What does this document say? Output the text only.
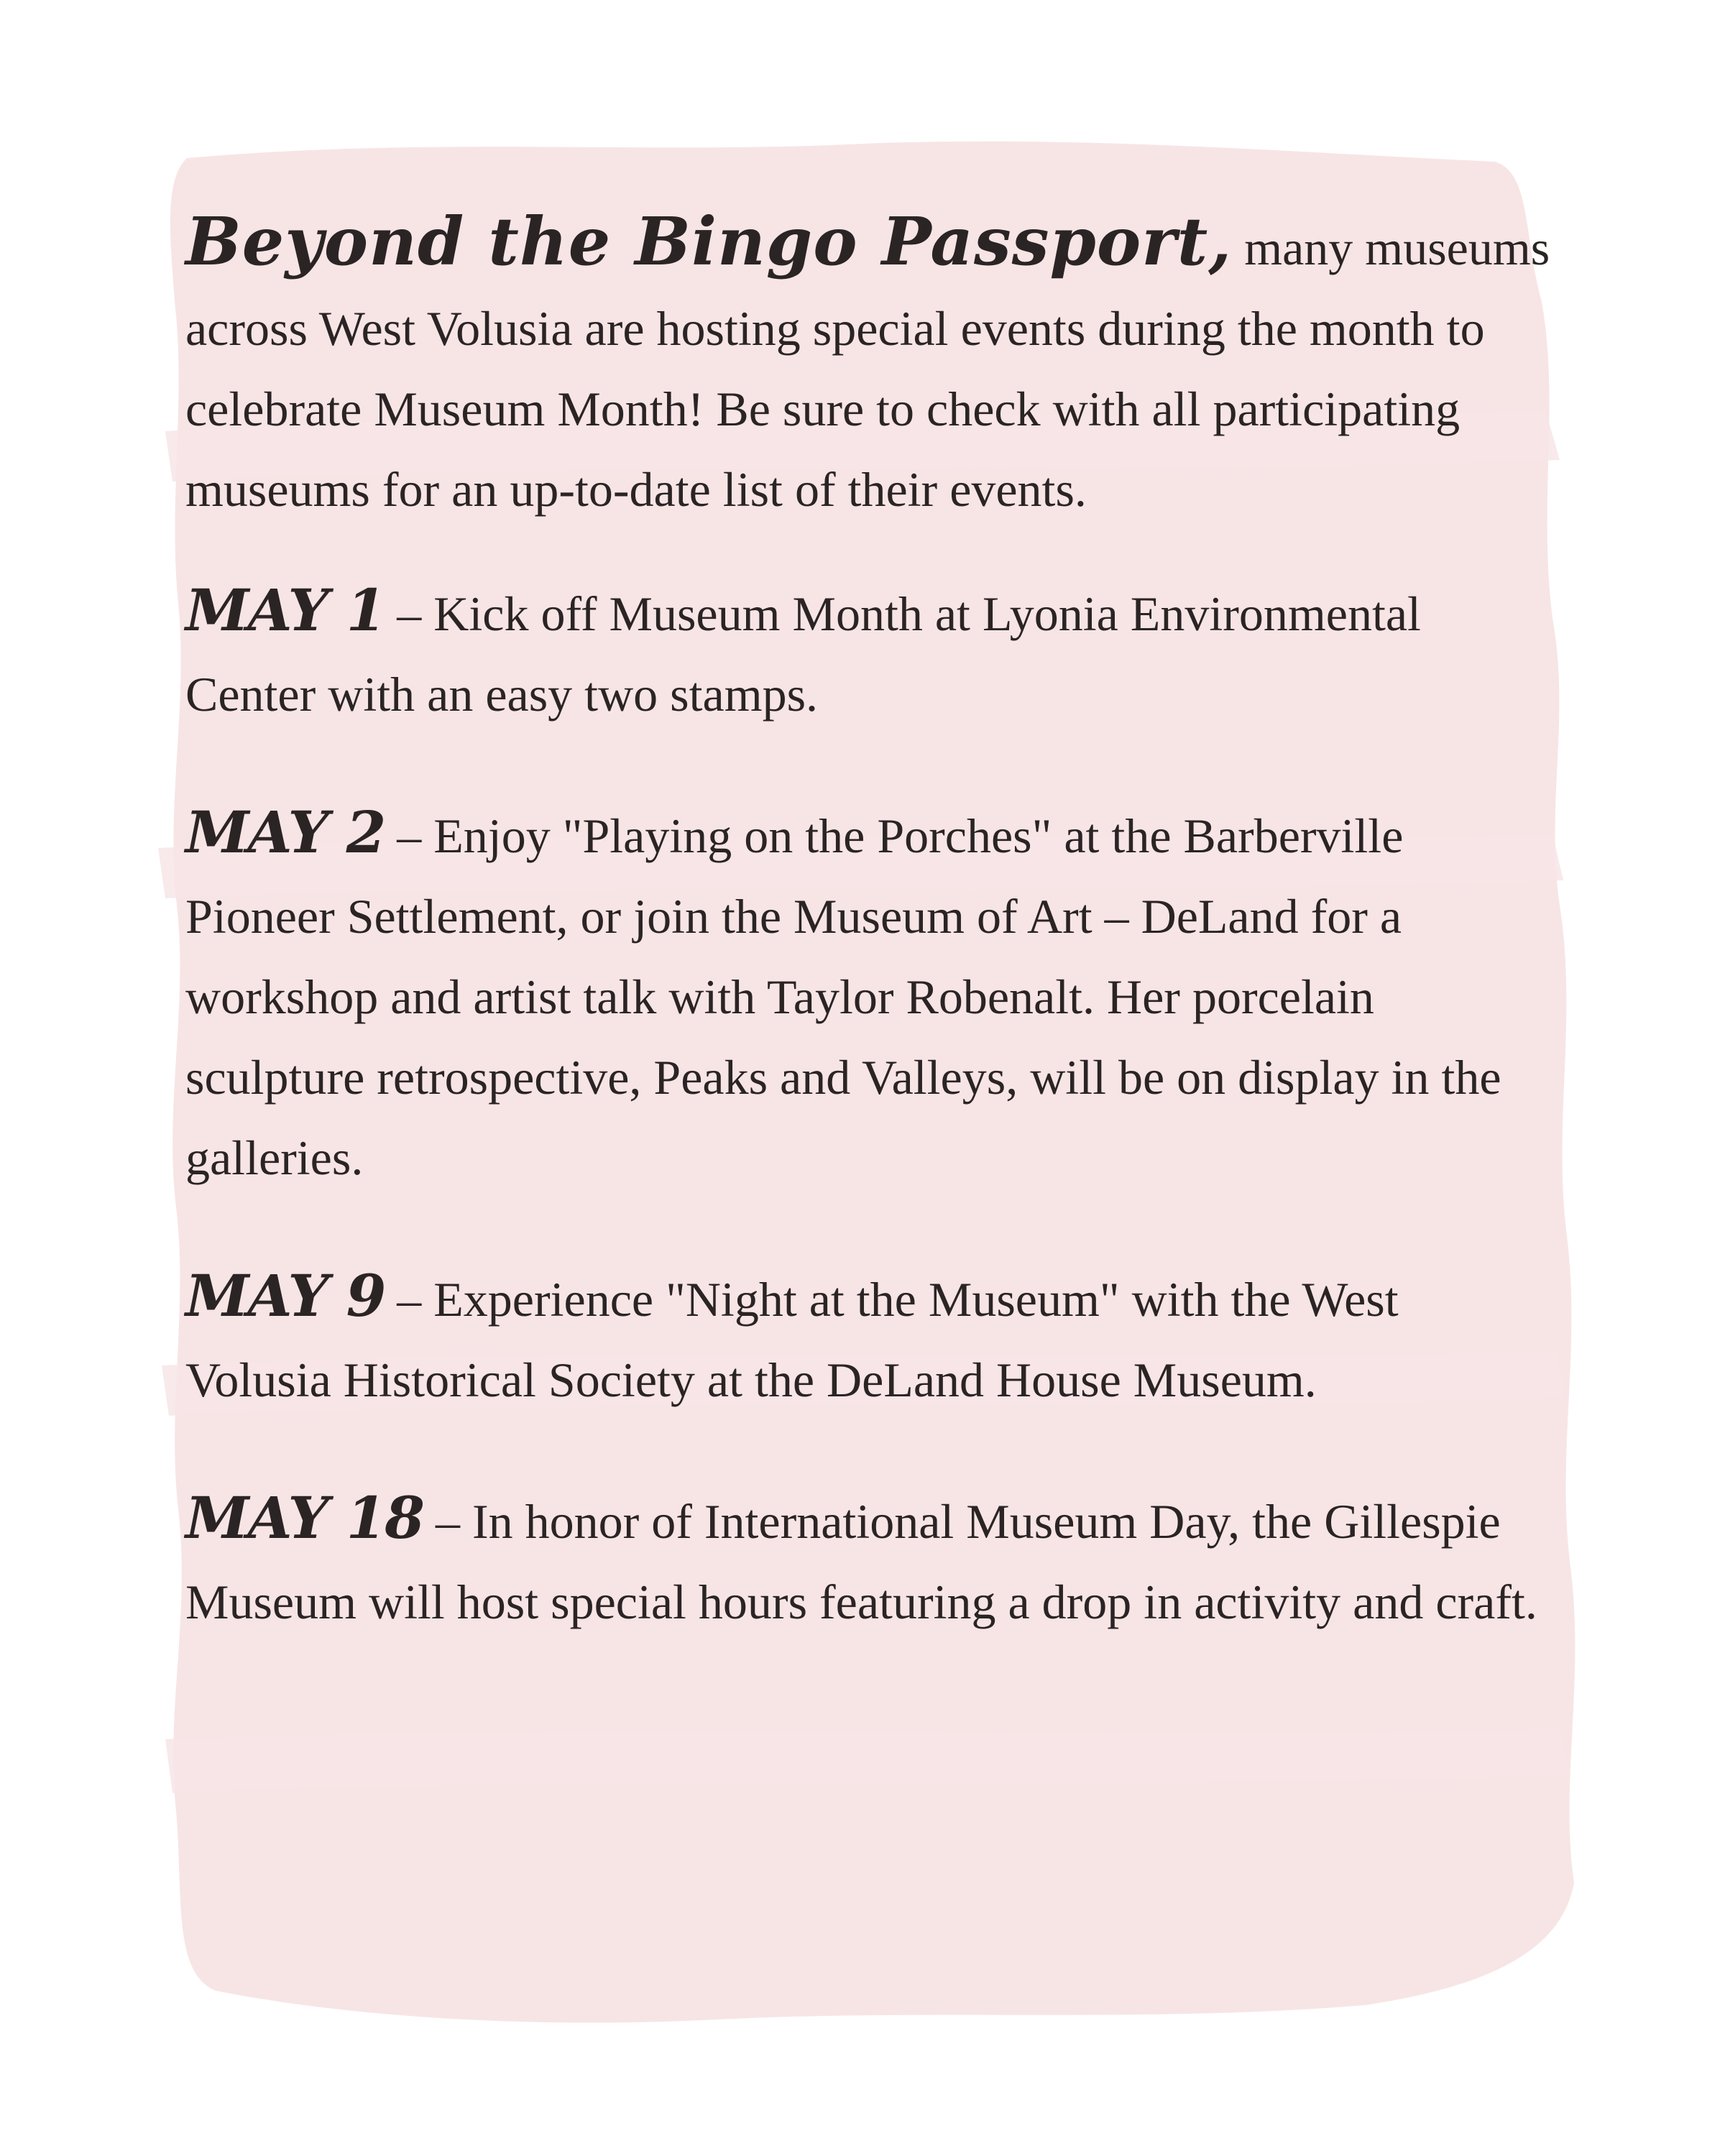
Beyond the Bingo Passport, many museums across West Volusia are hosting special events during the month to celebrate Museum Month! Be sure to check with all participating museums for an up-to-date list of their events.

MAY 1 – Kick off Museum Month at Lyonia Environmental Center with an easy two stamps.

MAY 2 – Enjoy "Playing on the Porches" at the Barberville Pioneer Settlement, or join the Museum of Art – DeLand for a workshop and artist talk with Taylor Robenalt. Her porcelain sculpture retrospective, Peaks and Valleys, will be on display in the galleries.

MAY 9 – Experience "Night at the Museum" with the West Volusia Historical Society at the DeLand House Museum.

MAY 18 – In honor of International Museum Day, the Gillespie Museum will host special hours featuring a drop in activity and craft.
